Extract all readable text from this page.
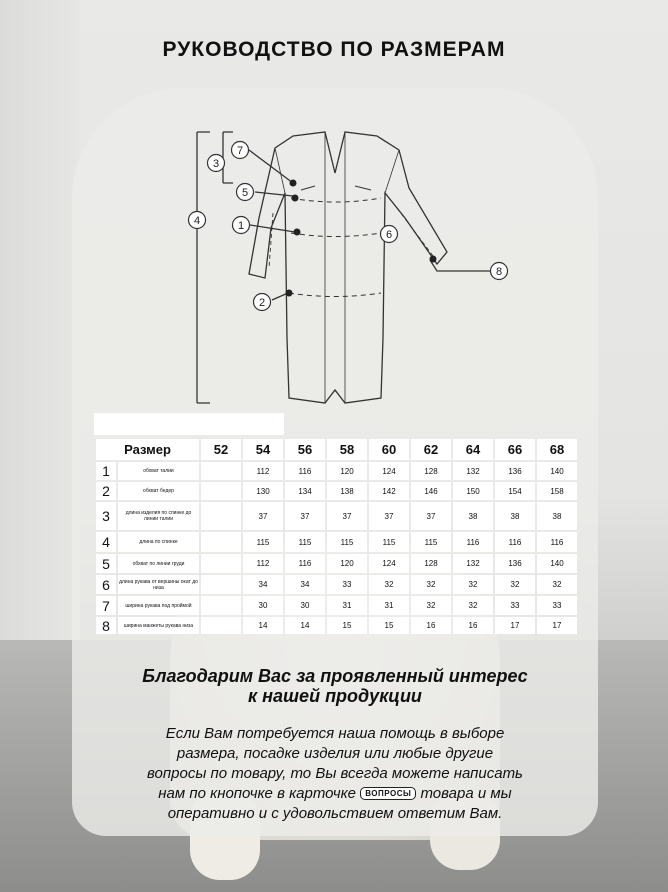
РУКОВОДСТВО ПО РАЗМЕРАМ
7
3
5
1
4
2
6
8
Размер		52	54	56	58	60	62	64	66	68
1	обхват талии		112	116	120	124	128	132	136	140
2	обхват бедер		130	134	138	142	146	150	154	158
3	длина изделия по спинке до линии талии		37	37	37	37	37	38	38	38
4	длина по спинке		115	115	115	115	115	116	116	116
5	обхват по линии груди		112	116	120	124	128	132	136	140
6	длина рукава от вершины окат до низа		34	34	33	32	32	32	32	32
7	ширина рукава под проймой		30	30	31	31	32	32	33	33
8	ширина манжеты рукава низа		14	14	15	15	16	16	17	17
Благодарим Вас за проявленный интерес
к нашей продукции
Если Вам потребуется наша помощь в выборе
размера, посадке изделия или любые другие
вопросы по товару, то Вы всегда можете написать
нам по кнопочке в карточке ВОПРОСЫ товара и мы
оперативно и с удовольствием ответим Вам.
